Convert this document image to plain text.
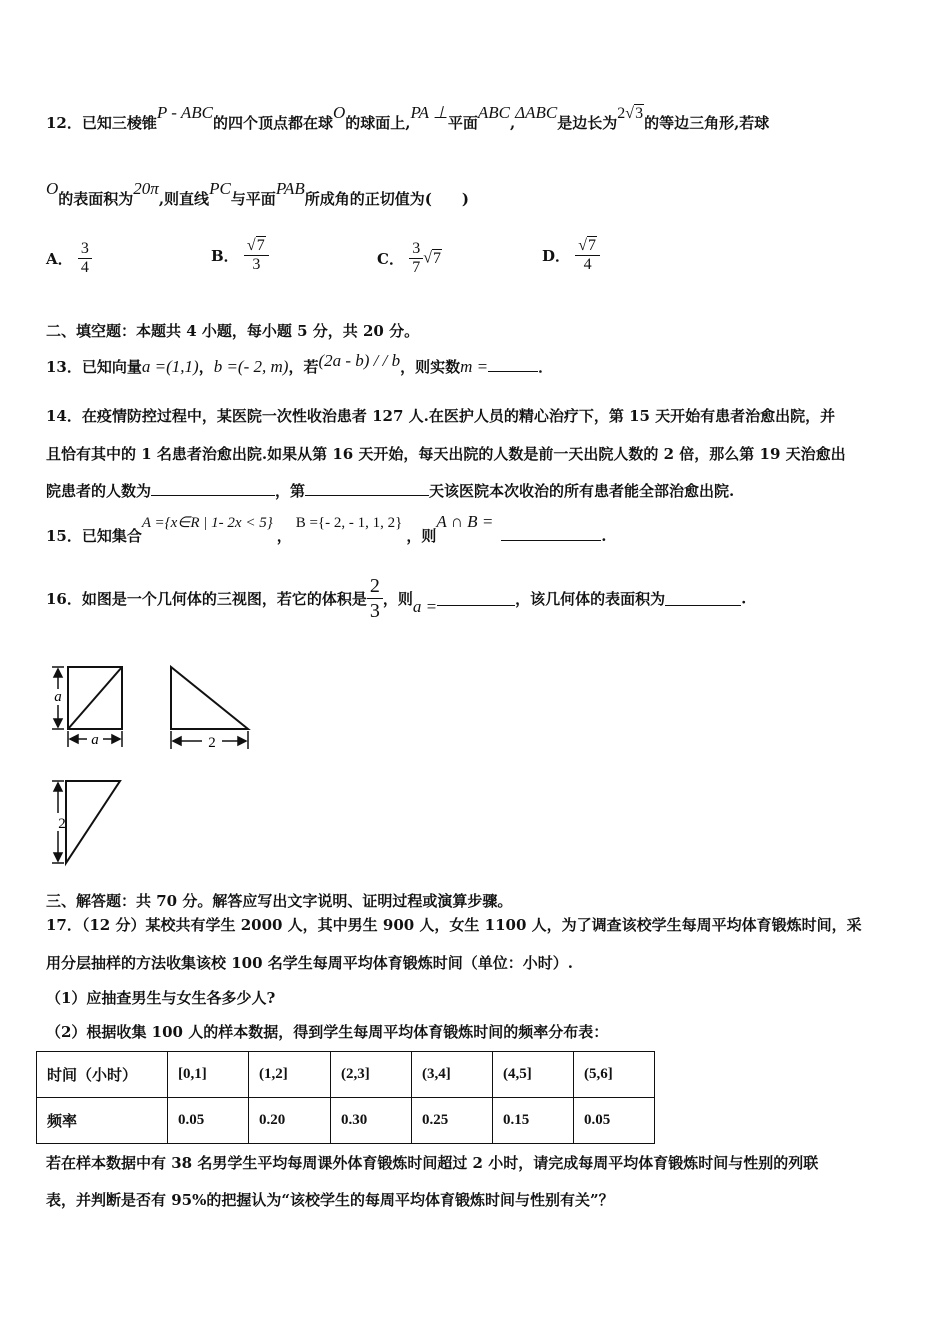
12．已知三棱锥P - ABC的四个顶点都在球O的球面上,PA ⊥平面ABC,ΔABC是边长为2√3的等边三角形,若球
O的表面积为20π,则直线PC与平面PAB所成角的正切值为(　　)
A． $\frac{3}{4}$	B． $\frac{√7}{3}$	C． $\frac{3}{7} √7$	D． $\frac{√7}{4}$
二、填空题：本题共 4 小题，每小题 5 分，共 20 分。
13．已知向量a =(1,1)，b =(- 2, m)，若(2a - b) / / b，则实数m =	．
14．在疫情防控过程中，某医院一次性收治患者 127 人.在医护人员的精心治疗下，第 15 天开始有患者治愈出院，并
且恰有其中的 1 名患者治愈出院.如果从第 16 天开始，每天出院的人数是前一天出院人数的 2 倍，那么第 19 天治愈出
院患者的人数为	，第	天该医院本次收治的所有患者能全部治愈出院.
15．已知集合A ={x∈R | 1- 2x < 5}，B ={- 2, - 1, 1, 2}，则A ∩ B =.
16．如图是一个几何体的三视图，若它的体积是 $\frac{2}{3}$ ，则a =	，该几何体的表面积为	.
a
a	2
2
三、解答题：共 70 分。解答应写出文字说明、证明过程或演算步骤。
17．（12 分）某校共有学生 2000 人，其中男生 900 人，女生 1100 人，为了调查该校学生每周平均体育锻炼时间，采
用分层抽样的方法收集该校 100 名学生每周平均体育锻炼时间（单位：小时）.
（1）应抽查男生与女生各多少人?
（2）根据收集 100 人的样本数据，得到学生每周平均体育锻炼时间的频率分布表：
时间（小时）	[0,1]	(1,2]	(2,3]	(3,4]	(4,5]	(5,6]
频率	0.05	0.20	0.30	0.25	0.15	0.05
若在样本数据中有 38 名男学生平均每周课外体育锻炼时间超过 2 小时，请完成每周平均体育锻炼时间与性别的列联
表，并判断是否有 95%的把握认为“该校学生的每周平均体育锻炼时间与性别有关”？
